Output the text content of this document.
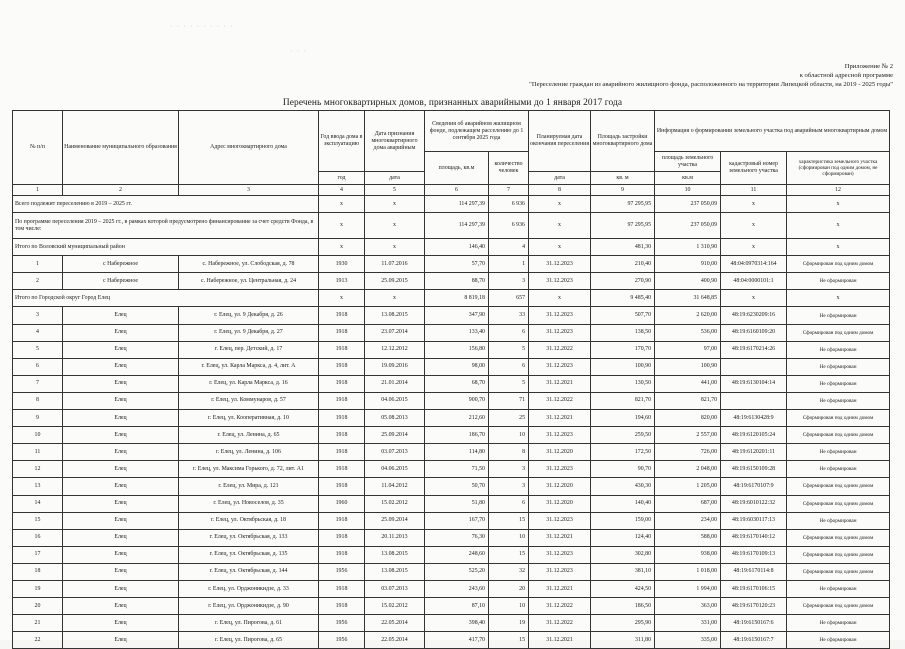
· · · · · · · · · ·
· · ·
Приложение № 2
к областной адресной программе
"Переселение граждан из аварийного жилищного фонда, расположенного на территории Липецкой области, на 2019 - 2025 годы"
Перечень многоквартирных домов, признанных аварийными до 1 января 2017 года
№ п/п	Наименование муниципального образования	Адрес многоквартирного дома	Год ввода дома в эксплуатацию	Дата признания многоквартирного дома аварийным	Сведения об аварийном жилищном фонде, подлежащем расселению до 1 сентября 2025 года		Планируемая дата окончания переселения	Площадь застройки многоквартирного дома	Информация о формировании земельного участка под аварийным многоквартирным домом		
					площадь, кв.м	количество человек			площадь земельного участка	кадастровый номер земельного участка	характеристика земельного участка (сформирован под одним домом, не сформирован)
			год	дата			дата	кв. м	кв.м		
1	2	3	4	5	6	7	8	9	10	11	12
Всего подлежит переселению в 2019 – 2025 гг.			x	x	114 297,39	6 936	x	97 295,95	237 050,09	x	x
По программе переселения 2019 – 2025 гг., в рамках которой предусмотрено финансирование за счет средств Фонда, в том числе:			x	x	114 297,39	6 936	x	97 295,95	237 050,09	x	x
Итого по Воловский муниципальный район			x	x	146,40	4	x	481,30	1 310,90	x	x
1	с Набережное	с. Набережное, ул. Слободская, д. 78	1930	11.07.2016	57,70	1	31.12.2023	210,40	910,00	48:04:0970314:164	Сформирован под одним домом
2	с Набережное	с. Набережное, ул. Центральная, д. 24	1913	25.09.2015	88,70	3	31.12.2023	270,90	400,90	48:04:0000101:1	Не сформирован
Итого по Городской округ Город Елец			x	x	8 819,18	657	x	9 485,40	31 648,85	x	x
3	Елец	г. Елец, ул. 9 Декабря, д. 26	1918	13.08.2015	347,90	33	31.12.2023	507,70	2 620,00	48:19:6230209:16	Не сформирован
4	Елец	г. Елец, ул. 9 Декабря, д. 27	1918	23.07.2014	133,40	6	31.12.2023	138,50	536,00	48:19:6160109:20	Сформирован под одним домом
5	Елец	г. Елец, пер. Детский, д. 17	1918	12.12.2012	156,80	5	31.12.2022	170,70	97,00	48:19:6170214:26	Не сформирован
6	Елец	г. Елец, ул. Карла Маркса, д. 4, лит. А	1918	19.09.2016	98,00	6	31.12.2023	100,90	100,90		Не сформирован
7	Елец	г. Елец, ул. Карла Маркса, д. 16	1918	21.01.2014	68,70	5	31.12.2021	130,50	441,00	48:19:6130104:14	Не сформирован
8	Елец	г. Елец, ул. Коммунаров, д. 57	1918	04.06.2015	900,70	71	31.12.2022	821,70	821,70		Не сформирован
9	Елец	г. Елец, ул. Кооперативная, д. 10	1918	05.08.2013	212,60	25	31.12.2021	194,60	820,00	48:19:6130428:9	Сформирован под одним домом
10	Елец	г. Елец, ул. Ленина, д. 65	1918	25.09.2014	186,70	10	31.12.2023	259,50	2 557,00	48:19:6120105:24	Сформирован под одним домом
11	Елец	г. Елец, ул. Ленина, д. 106	1918	03.07.2013	114,80	8	31.12.2020	172,50	726,00	48:19:6120201:11	Не сформирован
12	Елец	г. Елец, ул. Максима Горького, д. 72, лит. А1	1918	04.06.2015	71,50	3	31.12.2023	90,70	2 048,00	48:19:6150109:28	Не сформирован
13	Елец	г. Елец, ул. Мира, д. 121	1918	11.04.2012	50,70	3	31.12.2020	430,30	1 205,00	48:19:6170107:9	Сформирован под одним домом
14	Елец	г. Елец, ул. Новоселов, д. 35	1960	15.02.2012	51,80	6	31.12.2020	140,40	687,00	48:19:6010122:32	Сформирован под одним домом
15	Елец	г. Елец, ул. Октябрьская, д. 18	1918	25.09.2014	167,70	15	31.12.2023	159,00	234,00	48:19:6030117:13	Не сформирован
16	Елец	г. Елец, ул. Октябрьская, д. 133	1918	20.11.2013	76,30	10	31.12.2021	124,40	588,00	48:19:6170140:12	Сформирован под одним домом
17	Елец	г. Елец, ул. Октябрьская, д. 135	1918	13.08.2015	248,60	15	31.12.2023	302,80	938,00	48:19:6170109:13	Сформирован под одним домом
18	Елец	г. Елец, ул. Октябрьская, д. 144	1956	13.08.2015	525,20	32	31.12.2023	381,10	1 018,00	48:19:6170114:8	Сформирован под одним домом
19	Елец	г. Елец, ул. Орджоникидзе, д. 33	1918	03.07.2013	243,60	20	31.12.2021	424,50	1 994,00	48:19:6170106:15	Не сформирован
20	Елец	г. Елец, ул. Орджоникидзе, д. 90	1918	15.02.2012	87,10	10	31.12.2022	186,50	363,00	48:19:6170120:23	Сформирован под одним домом
21	Елец	г. Елец, ул. Пирогова, д. 61	1956	22.05.2014	398,40	19	31.12.2022	295,90	331,00	48:19:6150167:6	Не сформирован
22	Елец	г. Елец, ул. Пирогова, д. 65	1956	22.05.2014	417,70	15	31.12.2021	311,80	335,00	48:19:6150167:7	Не сформирован
